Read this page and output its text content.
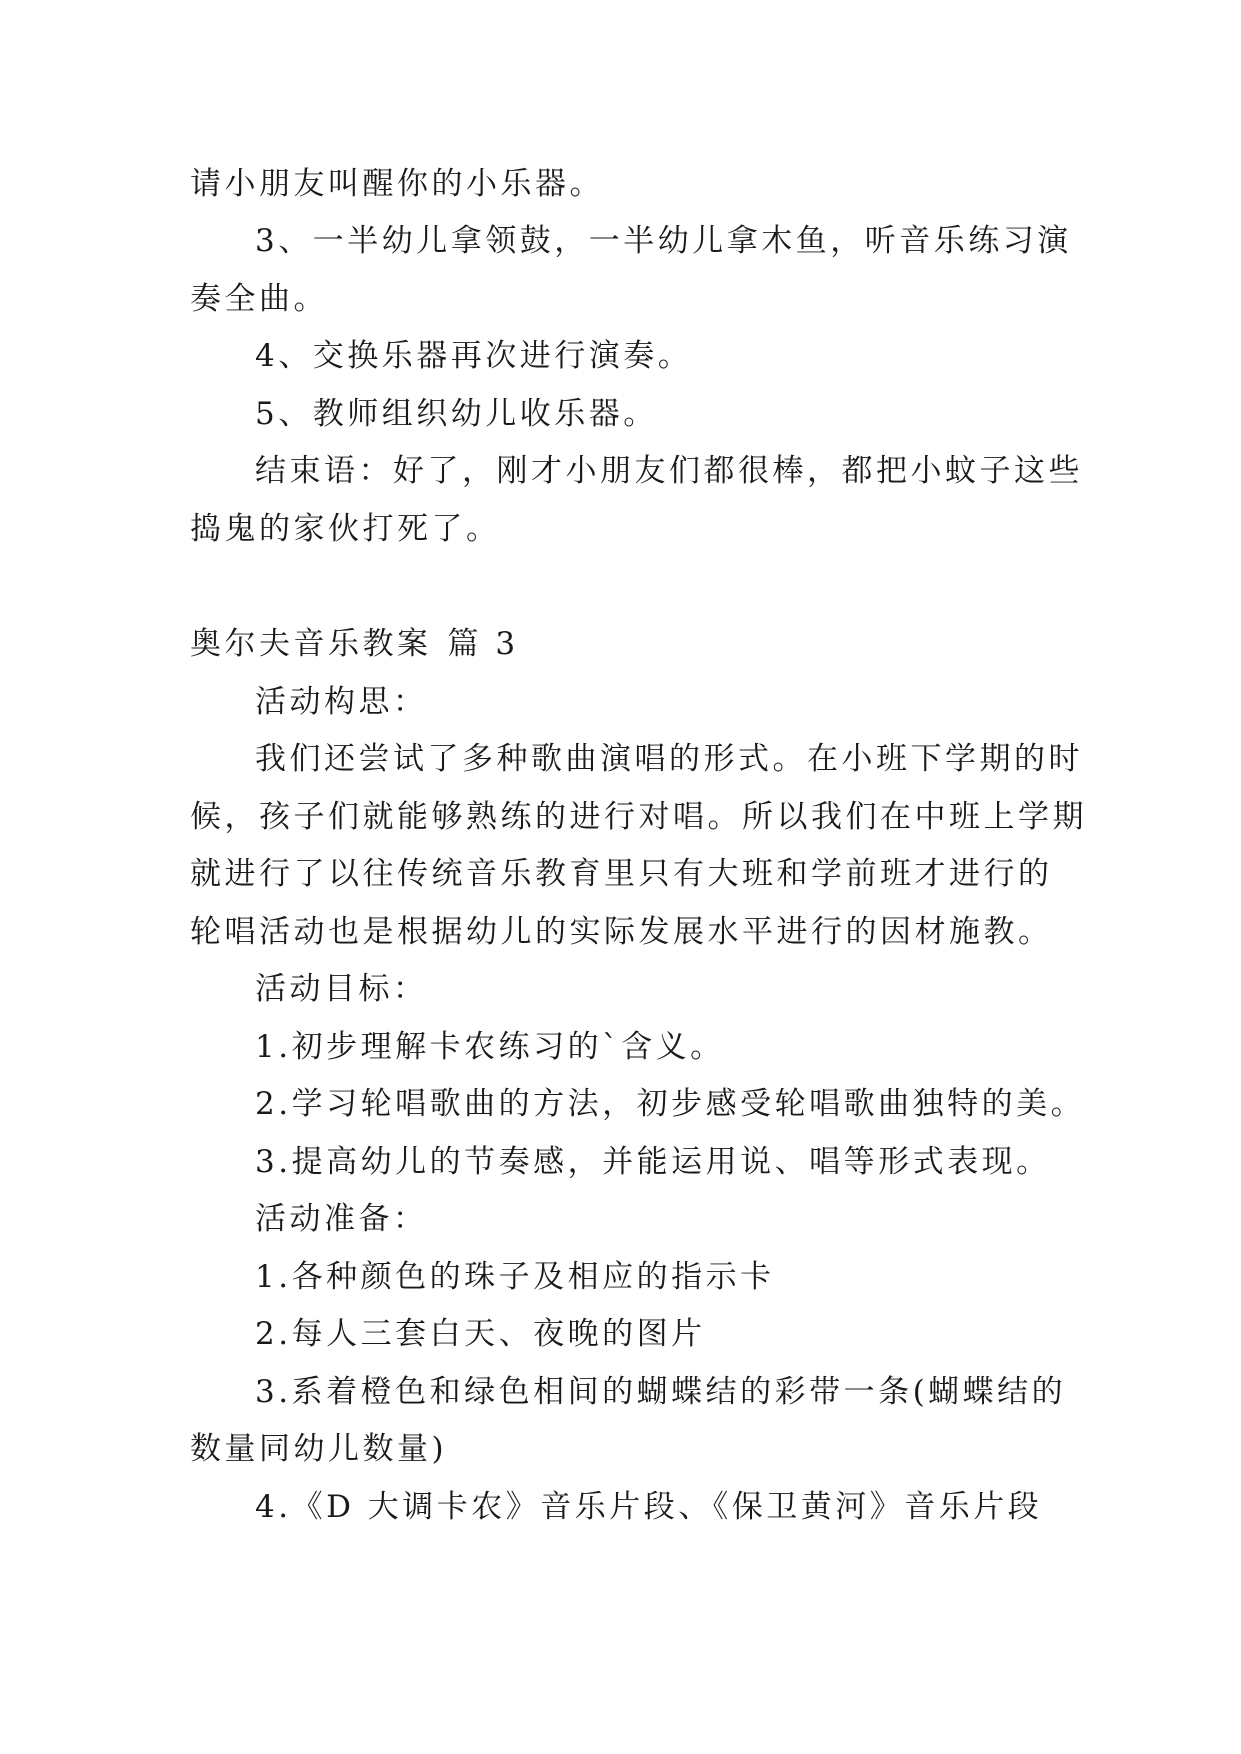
请小朋友叫醒你的小乐器。

3、一半幼儿拿领鼓，一半幼儿拿木鱼，听音乐练习演

奏全曲。

4、交换乐器再次进行演奏。

5、教师组织幼儿收乐器。

结束语：好了，刚才小朋友们都很棒，都把小蚊子这些

捣鬼的家伙打死了。

奥尔夫音乐教案 篇 3

活动构思：

我们还尝试了多种歌曲演唱的形式。在小班下学期的时

候，孩子们就能够熟练的进行对唱。所以我们在中班上学期

就进行了以往传统音乐教育里只有大班和学前班才进行的

轮唱活动也是根据幼儿的实际发展水平进行的因材施教。

活动目标：

1.初步理解卡农练习的`含义。

2.学习轮唱歌曲的方法，初步感受轮唱歌曲独特的美。

3.提高幼儿的节奏感，并能运用说、唱等形式表现。

活动准备：

1.各种颜色的珠子及相应的指示卡

2.每人三套白天、夜晚的图片

3.系着橙色和绿色相间的蝴蝶结的彩带一条(蝴蝶结的

数量同幼儿数量)

4.《D 大调卡农》音乐片段、《保卫黄河》音乐片段
